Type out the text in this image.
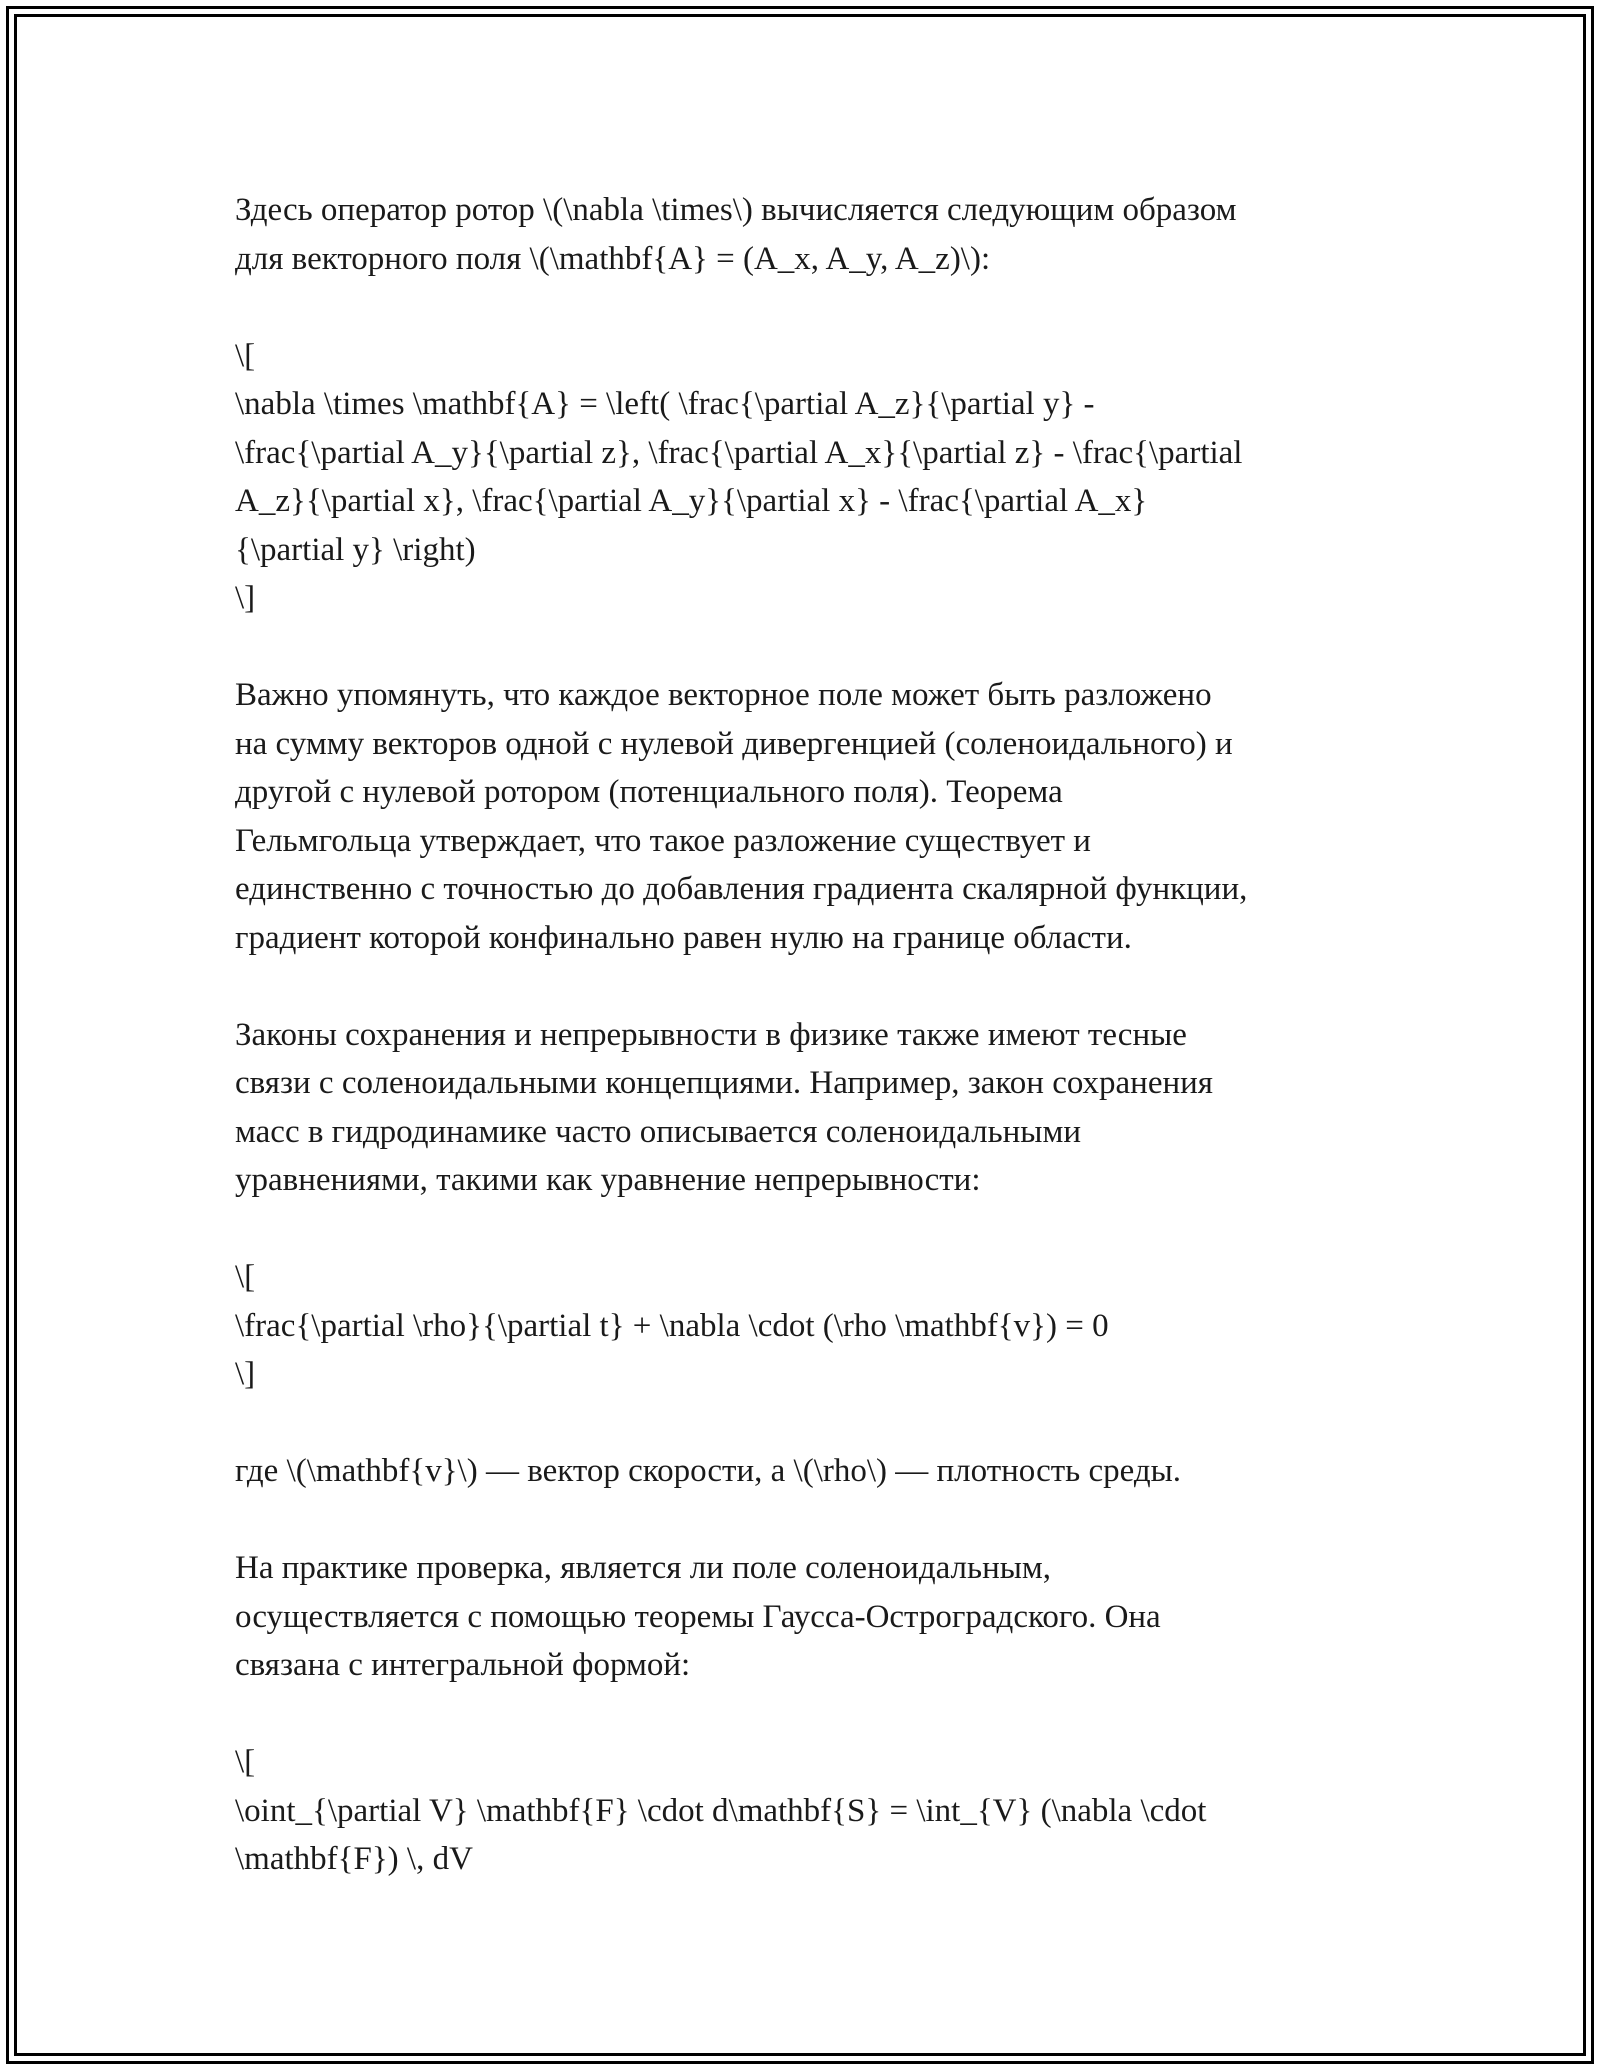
Здесь оператор ротор \(\nabla \times\) вычисляется следующим образом
для векторного поля \(\mathbf{A} = (A_x, A_y, A_z)\):
\[
\nabla \times \mathbf{A} = \left( \frac{\partial A_z}{\partial y} -
\frac{\partial A_y}{\partial z}, \frac{\partial A_x}{\partial z} - \frac{\partial
A_z}{\partial x}, \frac{\partial A_y}{\partial x} - \frac{\partial A_x}
{\partial y} \right)
\]
Важно упомянуть, что каждое векторное поле может быть разложено
на сумму векторов одной с нулевой дивергенцией (соленоидального) и
другой с нулевой ротором (потенциального поля). Теорема
Гельмгольца утверждает, что такое разложение существует и
единственно с точностью до добавления градиента скалярной функции,
градиент которой конфинально равен нулю на границе области.
Законы сохранения и непрерывности в физике также имеют тесные
связи с соленоидальными концепциями. Например, закон сохранения
масс в гидродинамике часто описывается соленоидальными
уравнениями, такими как уравнение непрерывности:
\[
\frac{\partial \rho}{\partial t} + \nabla \cdot (\rho \mathbf{v}) = 0
\]
где \(\mathbf{v}\) — вектор скорости, а \(\rho\) — плотность среды.
На практике проверка, является ли поле соленоидальным,
осуществляется с помощью теоремы Гаусса-Остроградского. Она
связана с интегральной формой:
\[
\oint_{\partial V} \mathbf{F} \cdot d\mathbf{S} = \int_{V} (\nabla \cdot
\mathbf{F}) \, dV
